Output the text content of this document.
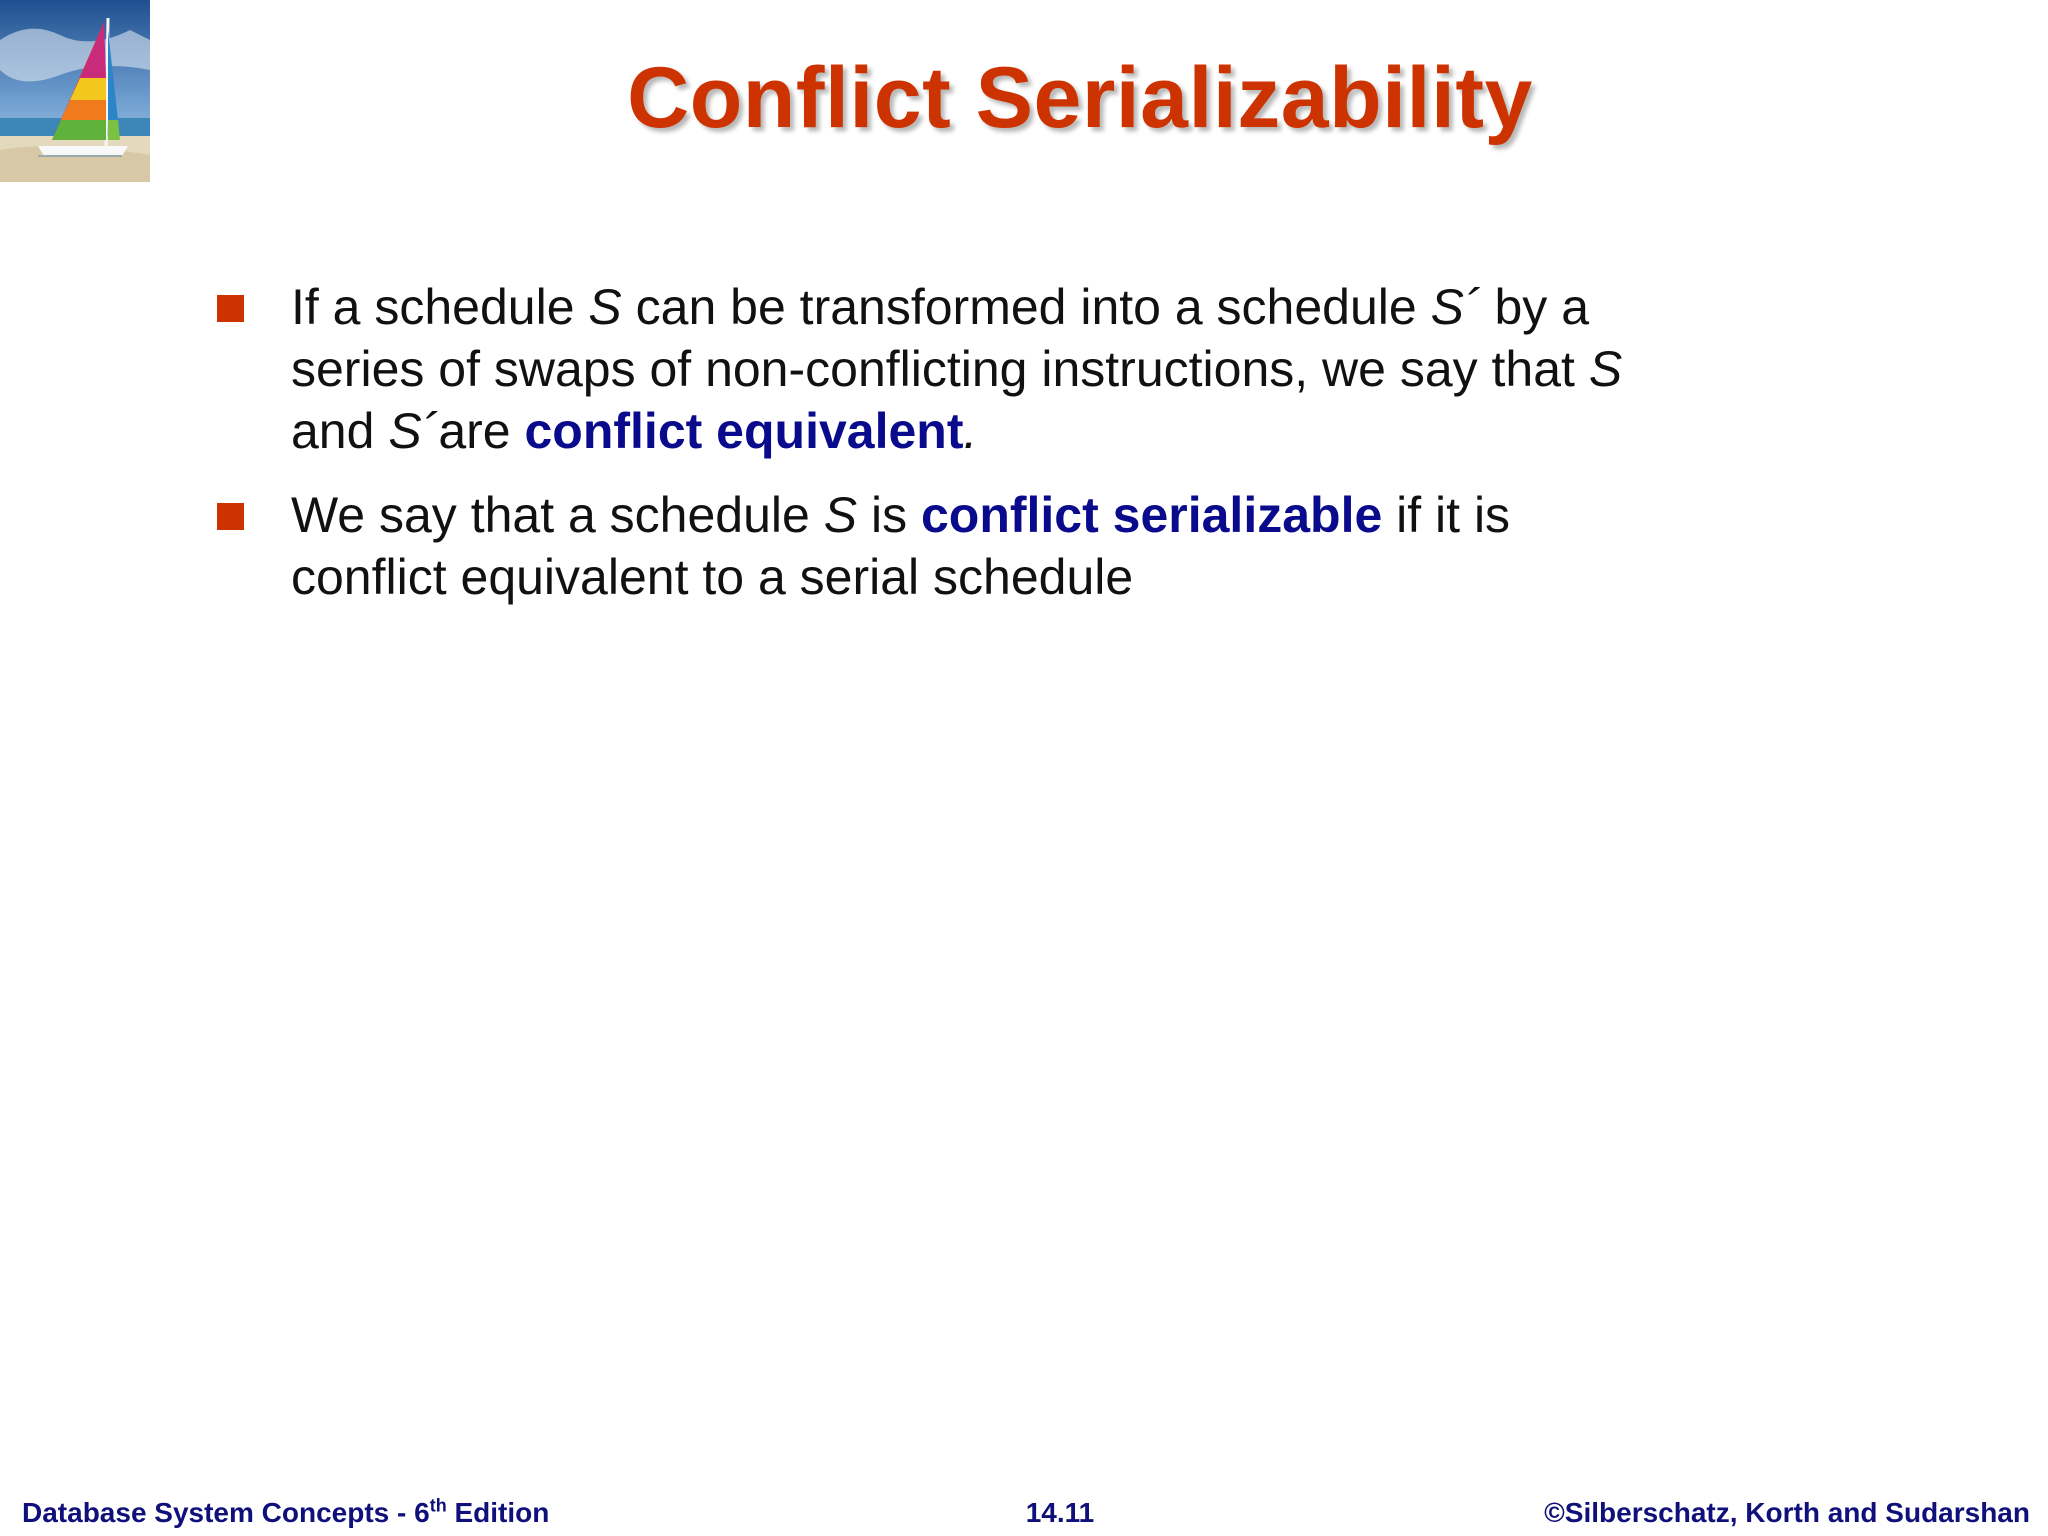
Conflict Serializability
If a schedule S can be transformed into a schedule S´ by a series of swaps of non-conflicting instructions, we say that S and S´are conflict equivalent.
We say that a schedule S is conflict serializable if it is conflict equivalent to a serial schedule
Database System Concepts - 6th Edition	14.11	©Silberschatz, Korth and Sudarshan
